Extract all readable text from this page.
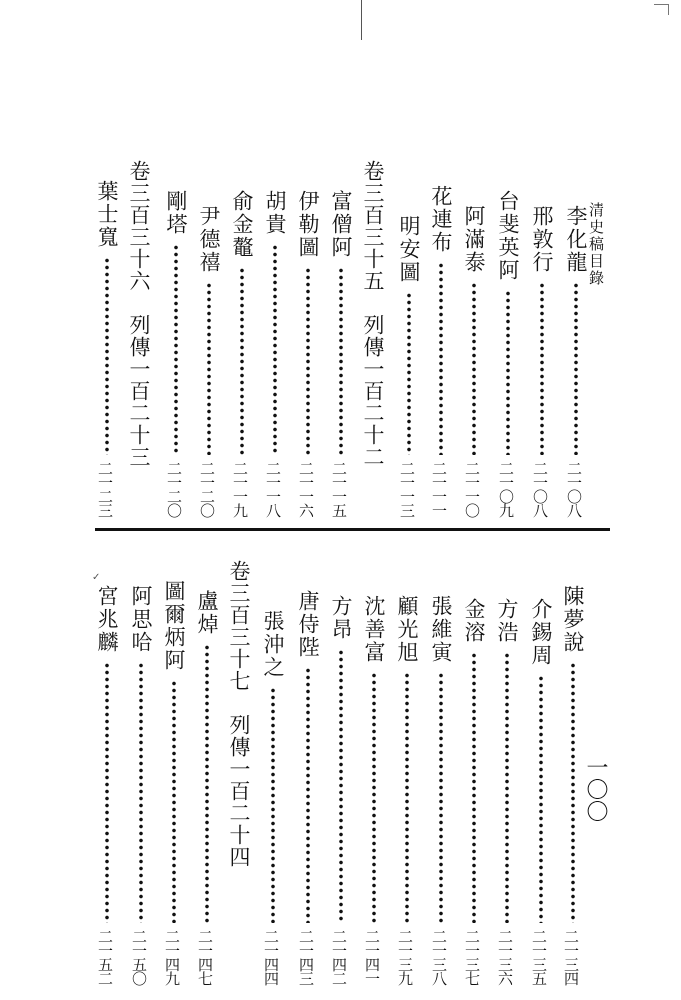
清史稿目錄
一〇〇
李化龍
二一〇八
邢敦行
二一〇八
台斐英阿
二一〇九
阿滿泰
二一一〇
花連布
二一一一
明安圖
二一一三
卷三百三十五　列傳一百二十二
富僧阿
二一一五
伊勒圖
二一一六
胡貴
二一一八
俞金鼇
二一一九
尹德禧
二一二〇
剛塔
二一二〇
卷三百三十六　列傳一百二十三
葉士寬
二一二三
✓
陳夢說
二一三四
介錫周
二一三五
方浩
二一三六
金溶
二一三七
張維寅
二一三八
顧光旭
二一三九
沈善富
二一四一
方昂
二一四二
唐侍陛
二一四三
張沖之
二一四四
卷三百三十七　列傳一百二十四
盧焯
二一四七
圖爾炳阿
二一四九
阿思哈
二一五〇
宮兆麟
二一五二
